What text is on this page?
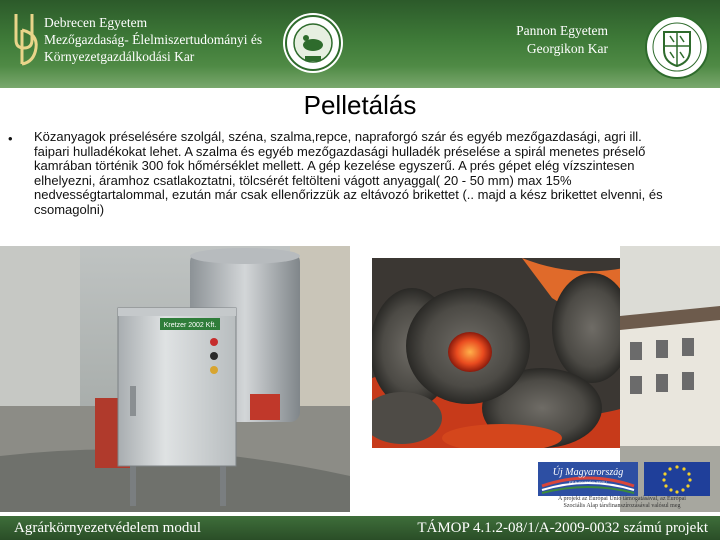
Debrecen Egyetem
Mezőgazdaság- Élelmiszertudományi és
Környezetgazdálkodási Kar
Pannon Egyetem
Georgikon Kar
Pelletálás
• Közanyagok préselésére szolgál, széna, szalma,repce, napraforgó szár és egyéb mezőgazdasági, agri ill. faipari hulladékokat lehet. A szalma és egyéb mezőgazdasági hulladék préselése a spirál menetes préselő kamrában történik 300 fok hőmérséklet mellett. A gép kezelése egyszerű. A prés gépet elég vízszintesen elhelyezni, áramhoz csatlakoztatni, tölcsérét feltölteni vágott anyaggal( 20 - 50 mm) max 15% nedvességtartalommal, ezután már csak ellenőrizzük az eltávozó brikettet (.. majd a kész brikettet elvenni, és csomagolni)
Kretzer 2002 Kft.
Új Magyarország
FEJLESZTÉSI TERV
A projekt az Európai Unió támogatásával, az Európai
Szociális Alap társfinanszírozásával valósul meg
Agrárkörnyezetvédelem modul	TÁMOP 4.1.2-08/1/A-2009-0032 számú projekt
